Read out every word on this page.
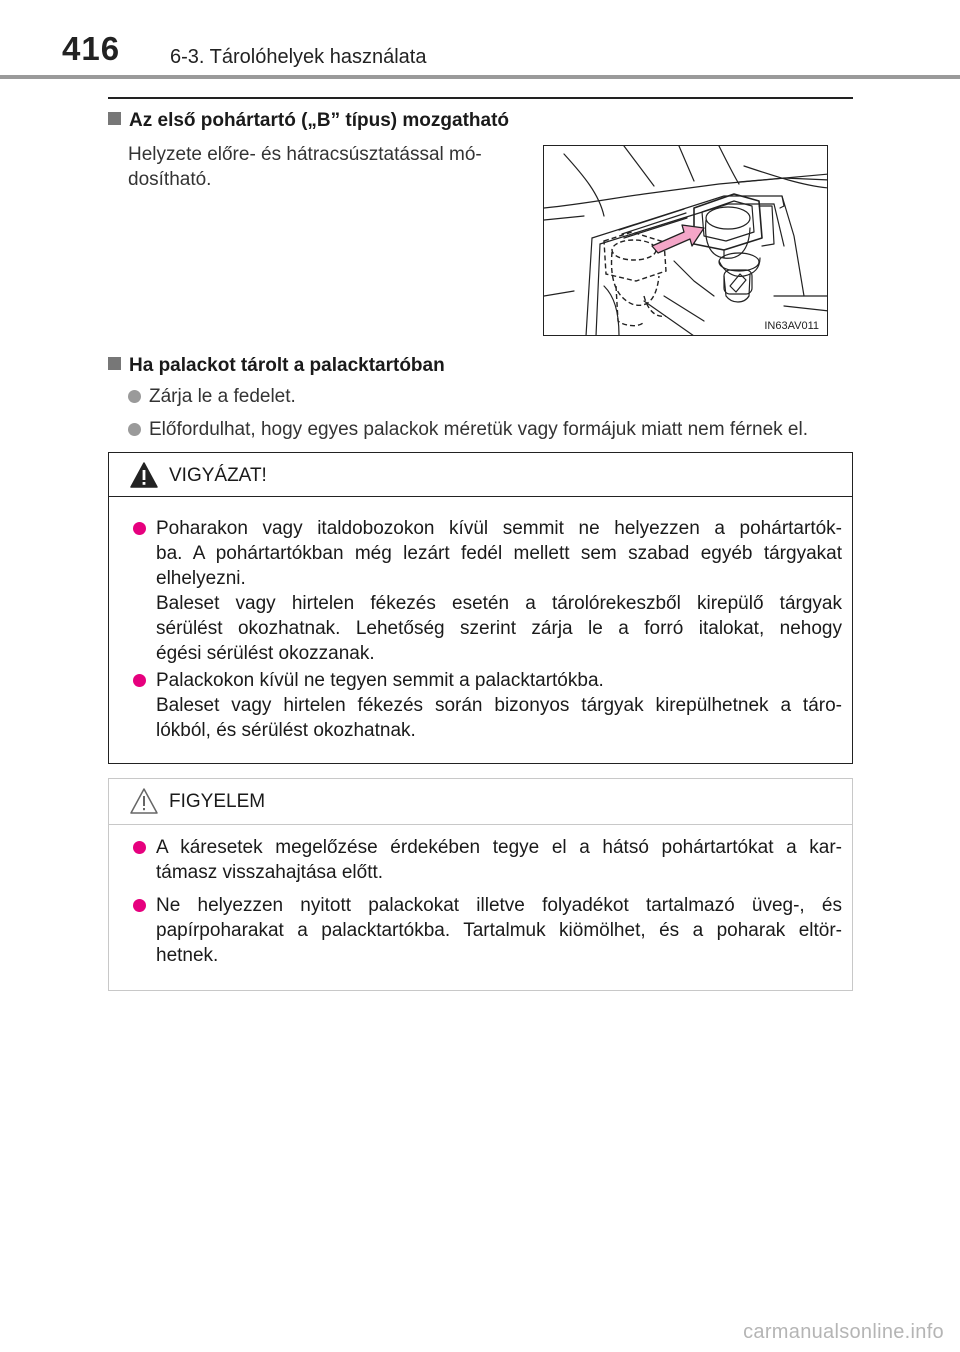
416 6-3. Tárolóhelyek használata
Az első pohártartó („B” típus) mozgatható
Helyzete előre- és hátracsúsztatással mó-
dosítható.
IN63AV011
Ha palackot tárolt a palacktartóban
Zárja le a fedelet.
Előfordulhat, hogy egyes palackok méretük vagy formájuk miatt nem férnek el.
VIGYÁZAT!

Poharakon vagy italdobozokon kívül semmit ne helyezzen a pohártartók-

ba. A pohártartókban még lezárt fedél mellett sem szabad egyéb tárgyakat

elhelyezni.

Baleset vagy hirtelen fékezés esetén a tárolórekeszből kirepülő tárgyak

sérülést okozhatnak. Lehetőség szerint zárja le a forró italokat, nehogy

égési sérülést okozzanak.

Palackokon kívül ne tegyen semmit a palacktartókba.

Baleset vagy hirtelen fékezés során bizonyos tárgyak kirepülhetnek a táro-

lókból, és sérülést okozhatnak.

FIGYELEM

A káresetek megelőzése érdekében tegye el a hátsó pohártartókat a kar-

támasz visszahajtása előtt.

Ne helyezzen nyitott palackokat illetve folyadékot tartalmazó üveg-, és

papírpoharakat a palacktartókba. Tartalmuk kiömölhet, és a poharak eltör-

hetnek.

carmanualsonline.info
